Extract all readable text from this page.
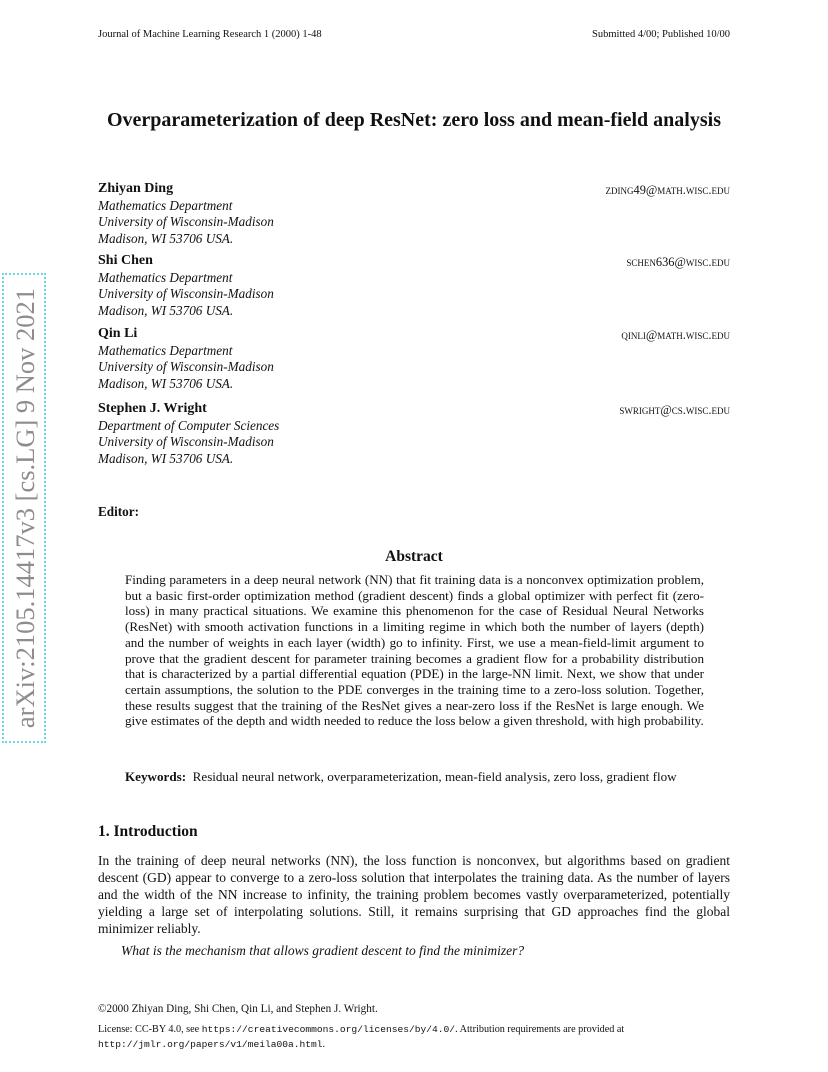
Journal of Machine Learning Research 1 (2000) 1-48	Submitted 4/00; Published 10/00
Overparameterization of deep ResNet: zero loss and mean-field analysis
Zhiyan Ding	zding49@math.wisc.edu
Mathematics Department
University of Wisconsin-Madison
Madison, WI 53706 USA.
Shi Chen	schen636@wisc.edu
Mathematics Department
University of Wisconsin-Madison
Madison, WI 53706 USA.
Qin Li	qinli@math.wisc.edu
Mathematics Department
University of Wisconsin-Madison
Madison, WI 53706 USA.
Stephen J. Wright	swright@cs.wisc.edu
Department of Computer Sciences
University of Wisconsin-Madison
Madison, WI 53706 USA.
Editor:
Abstract
Finding parameters in a deep neural network (NN) that fit training data is a nonconvex optimization problem, but a basic first-order optimization method (gradient descent) finds a global optimizer with perfect fit (zero-loss) in many practical situations. We examine this phenomenon for the case of Residual Neural Networks (ResNet) with smooth activation functions in a limiting regime in which both the number of layers (depth) and the number of weights in each layer (width) go to infinity. First, we use a mean-field-limit argument to prove that the gradient descent for parameter training becomes a gradient flow for a probability distribution that is characterized by a partial differential equation (PDE) in the large-NN limit. Next, we show that under certain assumptions, the solution to the PDE converges in the training time to a zero-loss solution. Together, these results suggest that the training of the ResNet gives a near-zero loss if the ResNet is large enough. We give estimates of the depth and width needed to reduce the loss below a given threshold, with high probability.
Keywords: Residual neural network, overparameterization, mean-field analysis, zero loss, gradient flow
1. Introduction
In the training of deep neural networks (NN), the loss function is nonconvex, but algorithms based on gradient descent (GD) appear to converge to a zero-loss solution that interpolates the training data. As the number of layers and the width of the NN increase to infinity, the training problem becomes vastly overparameterized, potentially yielding a large set of interpolating solutions. Still, it remains surprising that GD approaches find the global minimizer reliably.
What is the mechanism that allows gradient descent to find the minimizer?
©2000 Zhiyan Ding, Shi Chen, Qin Li, and Stephen J. Wright.
License: CC-BY 4.0, see https://creativecommons.org/licenses/by/4.0/. Attribution requirements are provided at
http://jmlr.org/papers/v1/meila00a.html.
arXiv:2105.14417v3 [cs.LG] 9 Nov 2021
